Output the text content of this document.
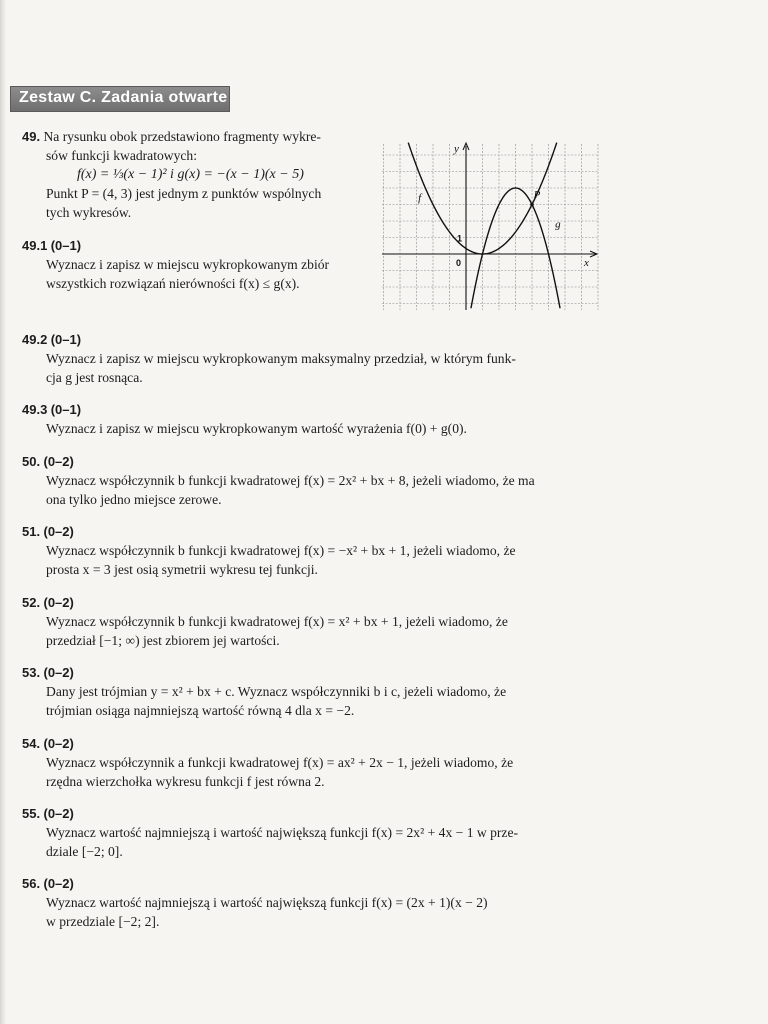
Zestaw C. Zadania otwarte
49. Na rysunku obok przedstawiono fragmenty wykre-
sów funkcji kwadratowych:
f(x) = ⅓(x − 1)² i g(x) = −(x − 1)(x − 5)
Punkt P = (4, 3) jest jednym z punktów wspólnych
tych wykresów.
y
x
0
1
f
g
P
49.1 (0–1)
Wyznacz i zapisz w miejscu wykropkowanym zbiór
wszystkich rozwiązań nierówności f(x) ≤ g(x).
49.2 (0–1)
Wyznacz i zapisz w miejscu wykropkowanym maksymalny przedział, w którym funk-
cja g jest rosnąca.
49.3 (0–1)
Wyznacz i zapisz w miejscu wykropkowanym wartość wyrażenia f(0) + g(0).
50. (0–2)
Wyznacz współczynnik b funkcji kwadratowej f(x) = 2x² + bx + 8, jeżeli wiadomo, że ma
ona tylko jedno miejsce zerowe.
51. (0–2)
Wyznacz współczynnik b funkcji kwadratowej f(x) = −x² + bx + 1, jeżeli wiadomo, że
prosta x = 3 jest osią symetrii wykresu tej funkcji.
52. (0–2)
Wyznacz współczynnik b funkcji kwadratowej f(x) = x² + bx + 1, jeżeli wiadomo, że
przedział [−1; ∞) jest zbiorem jej wartości.
53. (0–2)
Dany jest trójmian y = x² + bx + c. Wyznacz współczynniki b i c, jeżeli wiadomo, że
trójmian osiąga najmniejszą wartość równą 4 dla x = −2.
54. (0–2)
Wyznacz współczynnik a funkcji kwadratowej f(x) = ax² + 2x − 1, jeżeli wiadomo, że
rzędna wierzchołka wykresu funkcji f jest równa 2.
55. (0–2)
Wyznacz wartość najmniejszą i wartość największą funkcji f(x) = 2x² + 4x − 1 w prze-
dziale [−2; 0].
56. (0–2)
Wyznacz wartość najmniejszą i wartość największą funkcji f(x) = (2x + 1)(x − 2)
w przedziale [−2; 2].
